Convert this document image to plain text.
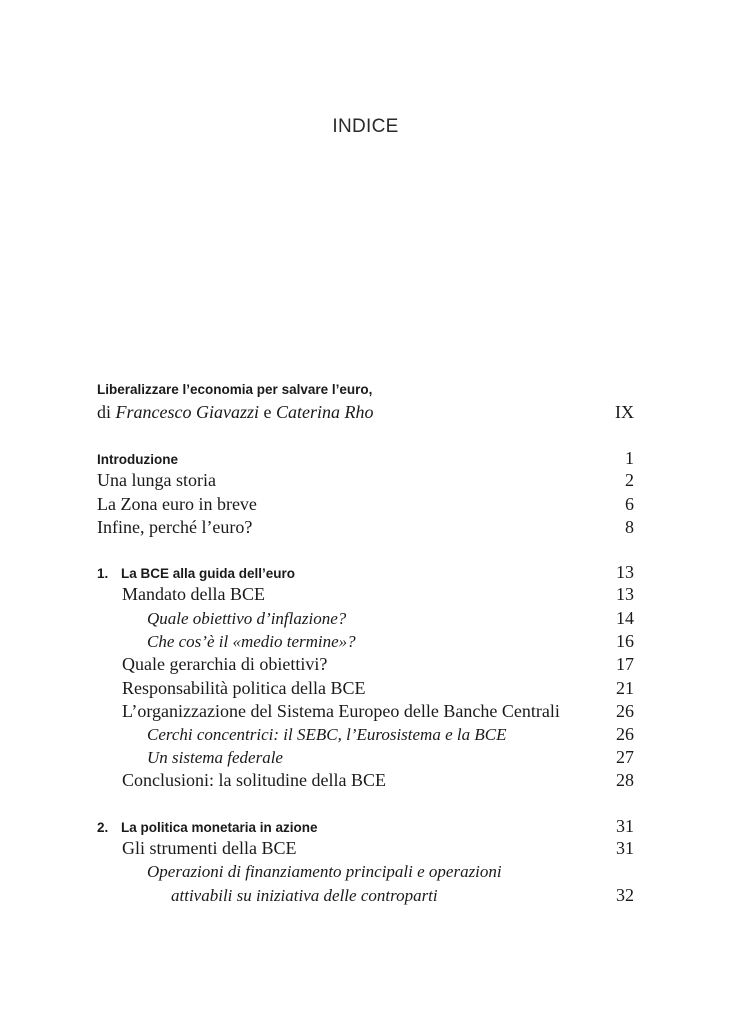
INDICE
Liberalizzare l’economia per salvare l’euro,
di Francesco Giavazzi e Caterina Rho	IX
Introduzione	1
Una lunga storia	2
La Zona euro in breve	6
Infine, perché l’euro?	8
1. La BCE alla guida dell’euro	13
Mandato della BCE	13
Quale obiettivo d’inflazione?	14
Che cos’è il «medio termine»?	16
Quale gerarchia di obiettivi?	17
Responsabilità politica della BCE	21
L’organizzazione del Sistema Europeo delle Banche Centrali	26
Cerchi concentrici: il SEBC, l’Eurosistema e la BCE	26
Un sistema federale	27
Conclusioni: la solitudine della BCE	28
2. La politica monetaria in azione	31
Gli strumenti della BCE	31
Operazioni di finanziamento principali e operazioni
attivabili su iniziativa delle controparti	32
